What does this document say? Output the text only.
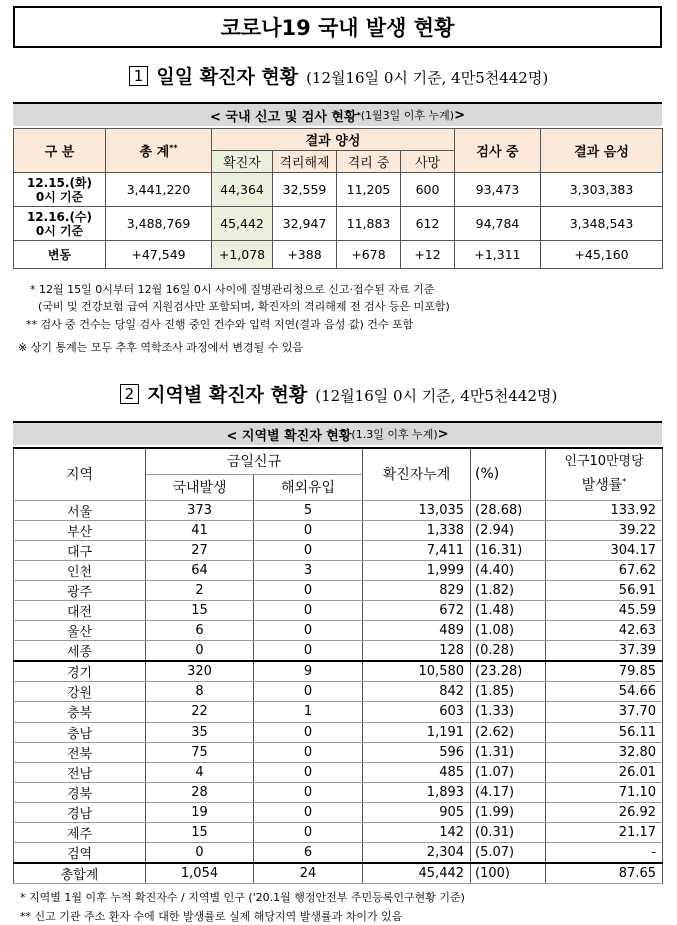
코로나19 국내 발생 현황
1 일일 확진자 현황 (12월16일 0시 기준, 4만5천442명)
< 국내 신고 및 검사 현황 * (1월3일 이후 누계) >
구 분	총 계**	결과 양성				검사 중	결과 음성
		확진자	격리해제	격리 중	사망		

12.15.(화)
0시 기준	3,441,220	44,364	32,559	11,205	600	93,473	3,303,383

12.16.(수)
0시 기준	3,488,769	45,442	32,947	11,883	612	94,784	3,348,543
변동	+47,549	+1,078	+388	+678	+12	+1,311	+45,160
* 12월 15일 0시부터 12월 16일 0시 사이에 질병관리청으로 신고·접수된 자료 기준
(국비 및 건강보험 급여 지원검사만 포함되며, 확진자의 격리해제 전 검사 등은 미포함)
** 검사 중 건수는 당일 검사 진행 중인 건수와 입력 지연(결과 음성 값) 건수 포함
※ 상기 통계는 모두 추후 역학조사 과정에서 변경될 수 있음
2 지역별 확진자 현황 (12월16일 0시 기준, 4만5천442명)
< 지역별 확진자 현황 (1.3일 이후 누계) >
지역	금일신규		확진자누계	(%)	인구10만명당
발생률*

	국내발생	해외유입			
서울	373	5	13,035	(28.68)	133.92
부산	41	0	1,338	(2.94)	39.22
대구	27	0	7,411	(16.31)	304.17
인천	64	3	1,999	(4.40)	67.62
광주	2	0	829	(1.82)	56.91
대전	15	0	672	(1.48)	45.59
울산	6	0	489	(1.08)	42.63
세종	0	0	128	(0.28)	37.39
경기	320	9	10,580	(23.28)	79.85
강원	8	0	842	(1.85)	54.66
충북	22	1	603	(1.33)	37.70
충남	35	0	1,191	(2.62)	56.11
전북	75	0	596	(1.31)	32.80
전남	4	0	485	(1.07)	26.01
경북	28	0	1,893	(4.17)	71.10
경남	19	0	905	(1.99)	26.92
제주	15	0	142	(0.31)	21.17
검역	0	6	2,304	(5.07)	-
총합계	1,054	24	45,442	(100)	87.65
* 지역별 1월 이후 누적 확진자수 / 지역별 인구 ('20.1월 행정안전부 주민등록인구현황 기준)
** 신고 기관 주소 환자 수에 대한 발생률로 실제 해당지역 발생률과 차이가 있음
